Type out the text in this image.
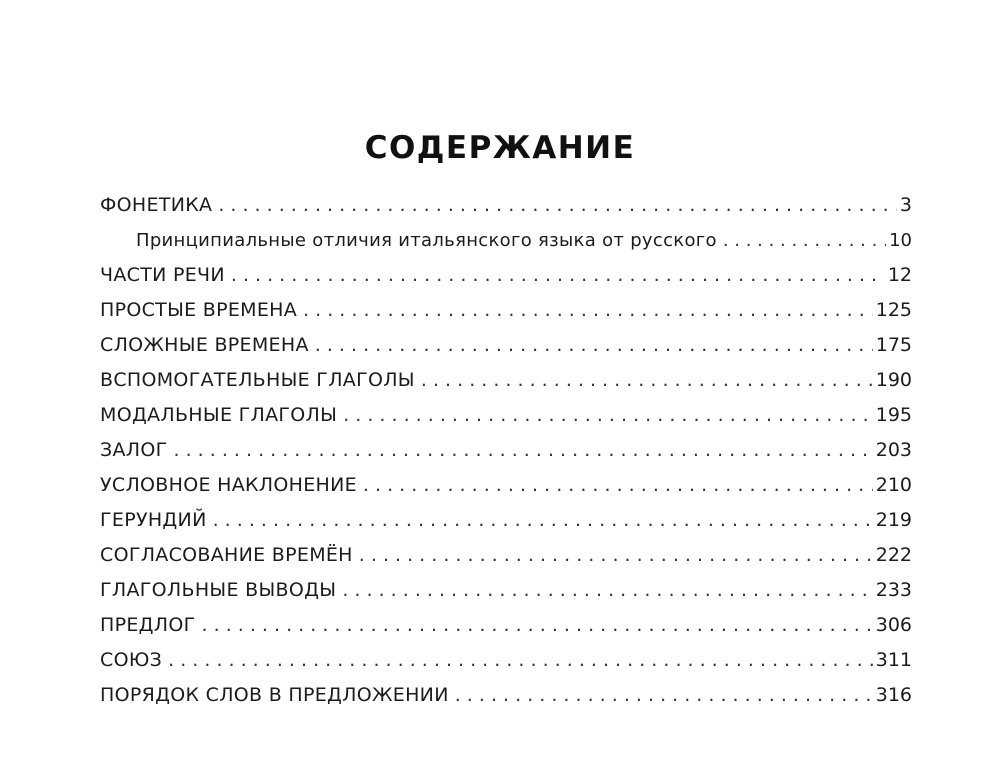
СОДЕРЖАНИЕ
ФОНЕТИКА . . .	3
Принципиальные отличия итальянского языка от русского . . .	10
ЧАСТИ РЕЧИ . . .	12
ПРОСТЫЕ ВРЕМЕНА . . .	125
СЛОЖНЫЕ ВРЕМЕНА . . .	175
ВСПОМОГАТЕЛЬНЫЕ ГЛАГОЛЫ . . .	190
МОДАЛЬНЫЕ ГЛАГОЛЫ . . .	195
ЗАЛОГ . . .	203
УСЛОВНОЕ НАКЛОНЕНИЕ . . .	210
ГЕРУНДИЙ . . .	219
СОГЛАСОВАНИЕ ВРЕМЁН . . .	222
ГЛАГОЛЬНЫЕ ВЫВОДЫ . . .	233
ПРЕДЛОГ . . .	306
СОЮЗ . . .	311
ПОРЯДОК СЛОВ В ПРЕДЛОЖЕНИИ . . .	316
